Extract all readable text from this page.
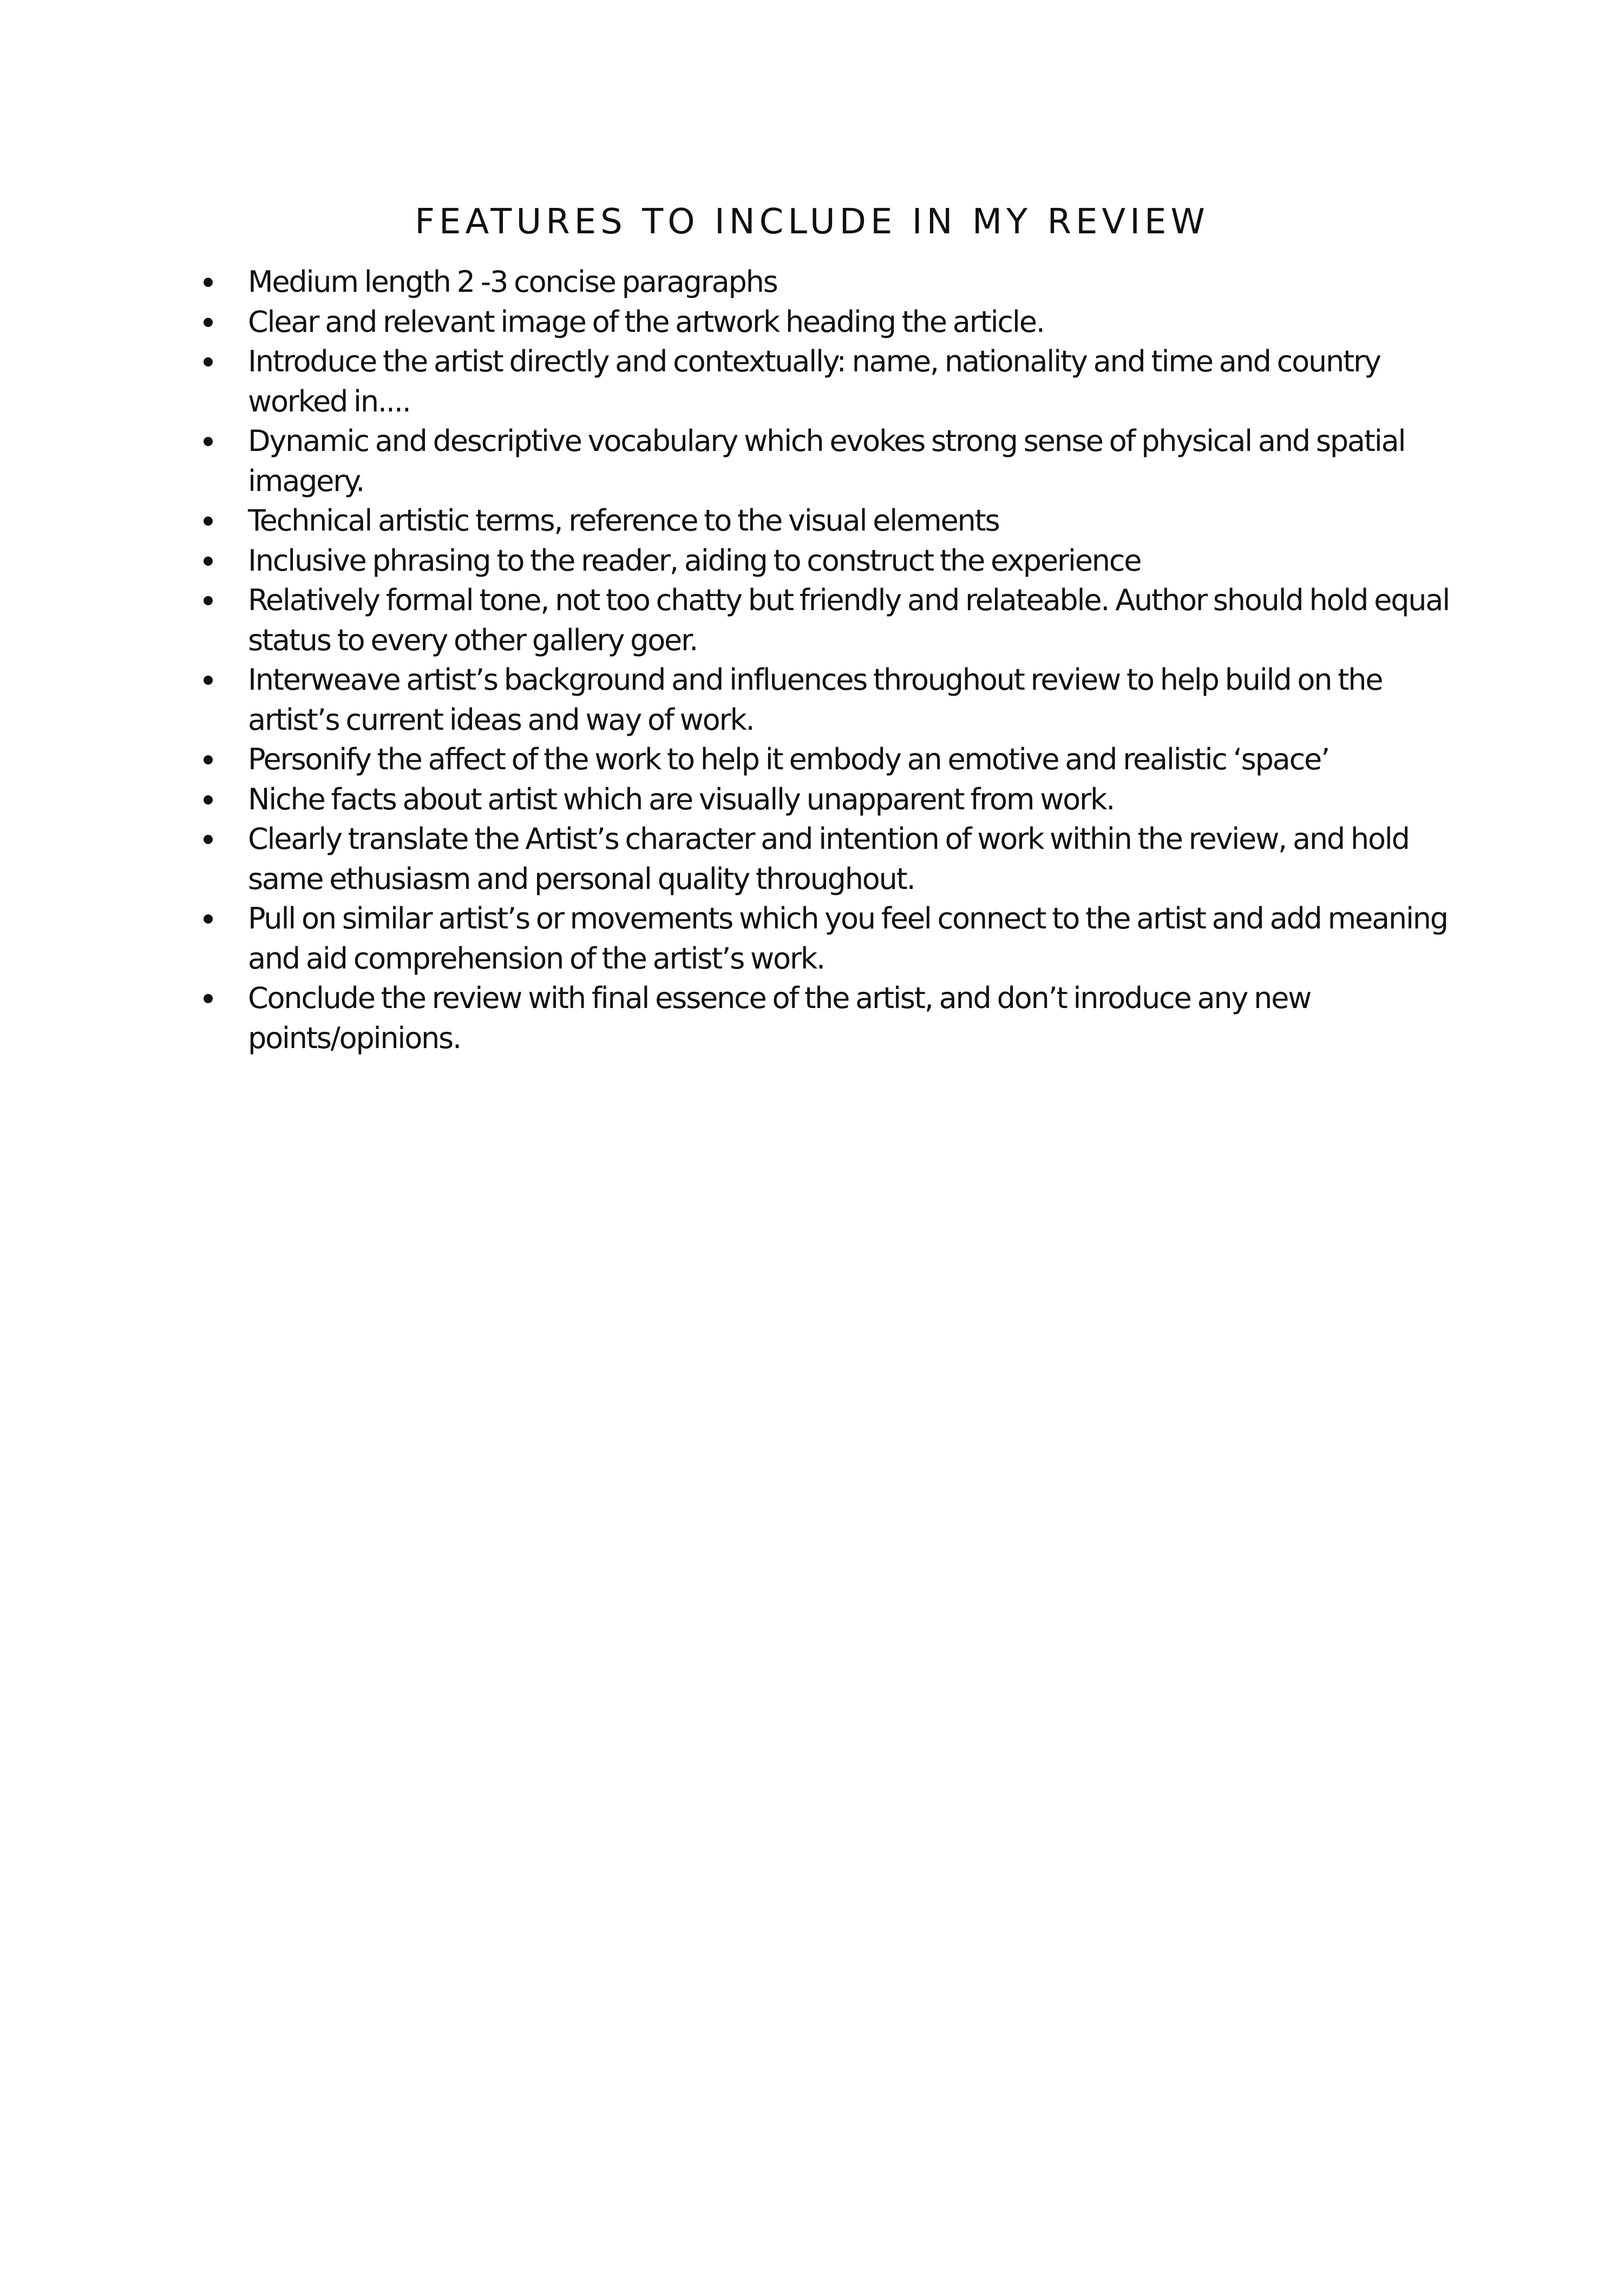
FEATURES TO INCLUDE IN MY REVIEW
Medium length 2 -3 concise paragraphs
Clear and relevant image of the artwork heading the article.
Introduce the artist directly and contextually: name, nationality and time and country worked in....
Dynamic and descriptive vocabulary which evokes strong sense of physical and spatial imagery.
Technical artistic terms, reference to the visual elements
Inclusive phrasing to the reader, aiding to construct the experience
Relatively formal tone, not too chatty but friendly and relateable. Author should hold equal status to every other gallery goer.
Interweave artist’s background and influences throughout review to help build on the artist’s current ideas and way of work.
Personify the affect of the work to help it embody an emotive and realistic ‘space’
Niche facts about artist which are visually unapparent from work.
Clearly translate the Artist’s character and intention of work within the review, and hold same ethusiasm and personal quality throughout.
Pull on similar artist’s or movements which you feel connect to the artist and add meaning and aid comprehension of the artist’s work.
Conclude the review with final essence of the artist, and don’t inroduce any new points/opinions.
